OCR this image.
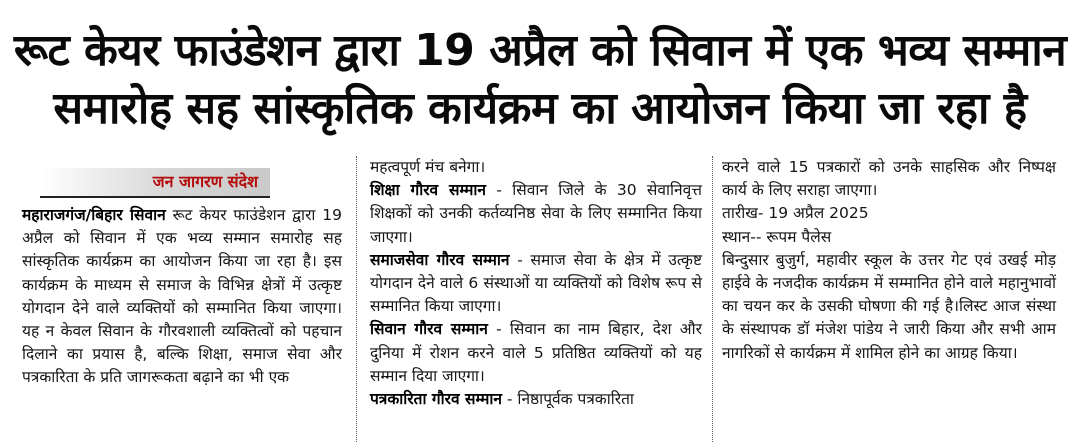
रूट केयर फाउंडेशन द्वारा 19 अप्रैल को सिवान में एक भव्य सम्मान
समारोह सह सांस्कृतिक कार्यक्रम का आयोजन किया जा रहा है
जन जागरण संदेश

महाराजगंज/बिहार सिवान रूट केयर फाउंडेशन द्वारा 19 अप्रैल को सिवान में एक भव्य सम्मान समारोह सह सांस्कृतिक कार्यक्रम का आयोजन किया जा रहा है। इस कार्यक्रम के माध्यम से समाज के विभिन्न क्षेत्रों में उत्कृष्ट योगदान देने वाले व्यक्तियों को सम्मानित किया जाएगा। यह न केवल सिवान के गौरवशाली व्यक्तित्वों को पहचान दिलाने का प्रयास है, बल्कि शिक्षा, समाज सेवा और पत्रकारिता के प्रति जागरूकता बढ़ाने का भी एक

महत्वपूर्ण मंच बनेगा।

शिक्षा गौरव सम्मान - सिवान जिले के 30 सेवानिवृत्त शिक्षकों को उनकी कर्तव्यनिष्ठ सेवा के लिए सम्मानित किया जाएगा।

समाजसेवा गौरव सम्मान - समाज सेवा के क्षेत्र में उत्कृष्ट योगदान देने वाले 6 संस्थाओं या व्यक्तियों को विशेष रूप से सम्मानित किया जाएगा।

सिवान गौरव सम्मान - सिवान का नाम बिहार, देश और दुनिया में रोशन करने वाले 5 प्रतिष्ठित व्यक्तियों को यह सम्मान दिया जाएगा।

पत्रकारिता गौरव सम्मान - निष्ठापूर्वक पत्रकारिता

करने वाले 15 पत्रकारों को उनके साहसिक और निष्पक्ष कार्य के लिए सराहा जाएगा।

तारीख- 19 अप्रैल 2025

स्थान-- रूपम पैलेस

बिन्दुसार बुजुर्ग, महावीर स्कूल के उत्तर गेट एवं उखई मोड़ हाईवे के नजदीक कार्यक्रम में सम्मानित होने वाले महानुभावों का चयन कर के उसकी घोषणा की गई है।लिस्ट आज संस्था के संस्थापक डॉ मंजेश पांडेय ने जारी किया और सभी आम नागरिकों से कार्यक्रम में शामिल होने का आग्रह किया।
